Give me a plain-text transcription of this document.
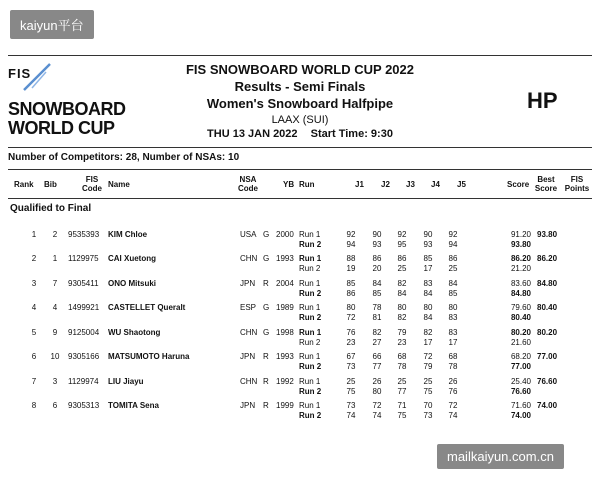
kaiyun平台
FIS
SNOWBOARD
WORLD CUP
FIS SNOWBOARD WORLD CUP 2022
Results - Semi Finals
Women's Snowboard Halfpipe
LAAX (SUI)
THU 13 JAN 2022 Start Time: 9:30
HP
Number of Competitors: 28, Number of NSAs: 10
Rank Bib
FIS Code Name
NSA Code	YB Run	J1 J2 J3 J4 J5	Score
Best Score
FIS Points
Qualified to Final
1	2	9535393 KIM Chloe	USA G 2000	93.80
Run 1	92	90	92	90	92	91.20
Run 2	94	93	95	93	94	93.80
2	1	1129975 CAI Xuetong	CHN G 1993	86.20
Run 1	88	86	86	85	86	86.20
Run 2	19	20	25	17	25	21.20
3	7	9305411 ONO Mitsuki	JPN R 2004	84.80
Run 1	85	84	82	83	84	83.60
Run 2	86	85	84	84	85	84.80
4	4	1499921 CASTELLET Queralt	ESP G 1989	80.40
Run 1	80	78	80	80	80	79.60
Run 2	72	81	82	84	83	80.40
5	9	9125004 WU Shaotong	CHN G 1998	80.20
Run 1	76	82	79	82	83	80.20
Run 2	23	27	23	17	17	21.60
6	10	9305166 MATSUMOTO Haruna	JPN R 1993	77.00
Run 1	67	66	68	72	68	68.20
Run 2	73	77	78	79	78	77.00
7	3	1129974 LIU Jiayu	CHN R 1992	76.60
Run 1	25	26	25	25	26	25.40
Run 2	75	80	77	75	76	76.60
8	6	9305313 TOMITA Sena	JPN R 1999	74.00
Run 1	73	72	71	70	72	71.60
Run 2	74	74	75	73	74	74.00
mailkaiyun.com.cn
